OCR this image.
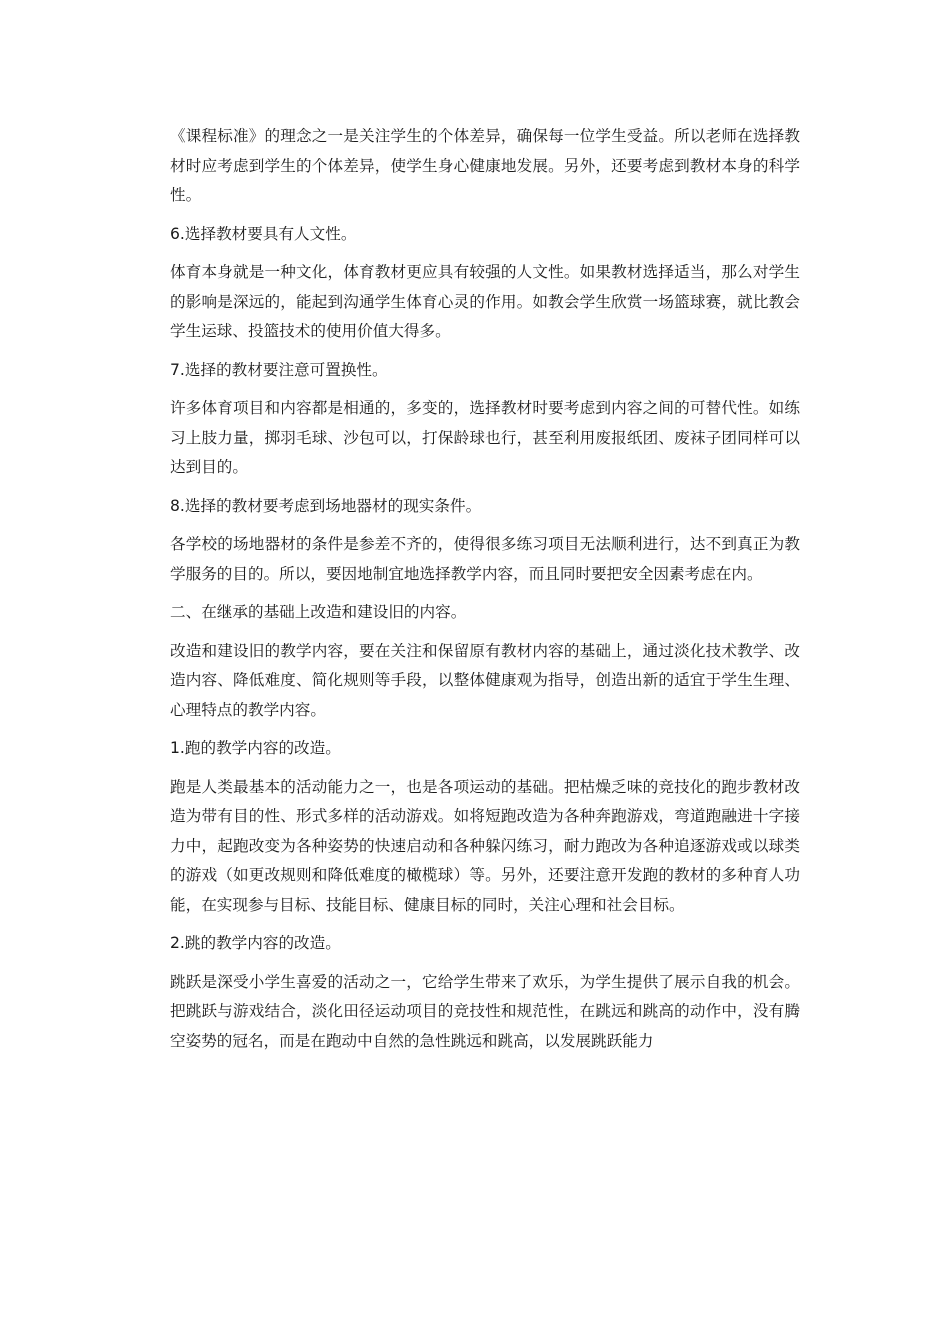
《课程标准》的理念之一是关注学生的个体差异，确保每一位学生受益。所以老师在选择教材时应考虑到学生的个体差异，使学生身心健康地发展。另外，还要考虑到教材本身的科学性。

6.选择教材要具有人文性。

体育本身就是一种文化，体育教材更应具有较强的人文性。如果教材选择适当，那么对学生的影响是深远的，能起到沟通学生体育心灵的作用。如教会学生欣赏一场篮球赛，就比教会学生运球、投篮技术的使用价值大得多。

7.选择的教材要注意可置换性。

许多体育项目和内容都是相通的，多变的，选择教材时要考虑到内容之间的可替代性。如练习上肢力量，掷羽毛球、沙包可以，打保龄球也行，甚至利用废报纸团、废袜子团同样可以达到目的。

8.选择的教材要考虑到场地器材的现实条件。

各学校的场地器材的条件是参差不齐的，使得很多练习项目无法顺利进行，达不到真正为教学服务的目的。所以，要因地制宜地选择教学内容，而且同时要把安全因素考虑在内。

二、在继承的基础上改造和建设旧的内容。

改造和建设旧的教学内容，要在关注和保留原有教材内容的基础上，通过淡化技术教学、改造内容、降低难度、简化规则等手段，以整体健康观为指导，创造出新的适宜于学生生理、心理特点的教学内容。

1.跑的教学内容的改造。

跑是人类最基本的活动能力之一，也是各项运动的基础。把枯燥乏味的竞技化的跑步教材改造为带有目的性、形式多样的活动游戏。如将短跑改造为各种奔跑游戏，弯道跑融进十字接力中，起跑改变为各种姿势的快速启动和各种躲闪练习，耐力跑改为各种追逐游戏或以球类的游戏（如更改规则和降低难度的橄榄球）等。另外，还要注意开发跑的教材的多种育人功能，在实现参与目标、技能目标、健康目标的同时，关注心理和社会目标。

2.跳的教学内容的改造。

跳跃是深受小学生喜爱的活动之一，它给学生带来了欢乐，为学生提供了展示自我的机会。把跳跃与游戏结合，淡化田径运动项目的竞技性和规范性，在跳远和跳高的动作中，没有腾空姿势的冠名，而是在跑动中自然的急性跳远和跳高，以发展跳跃能力
